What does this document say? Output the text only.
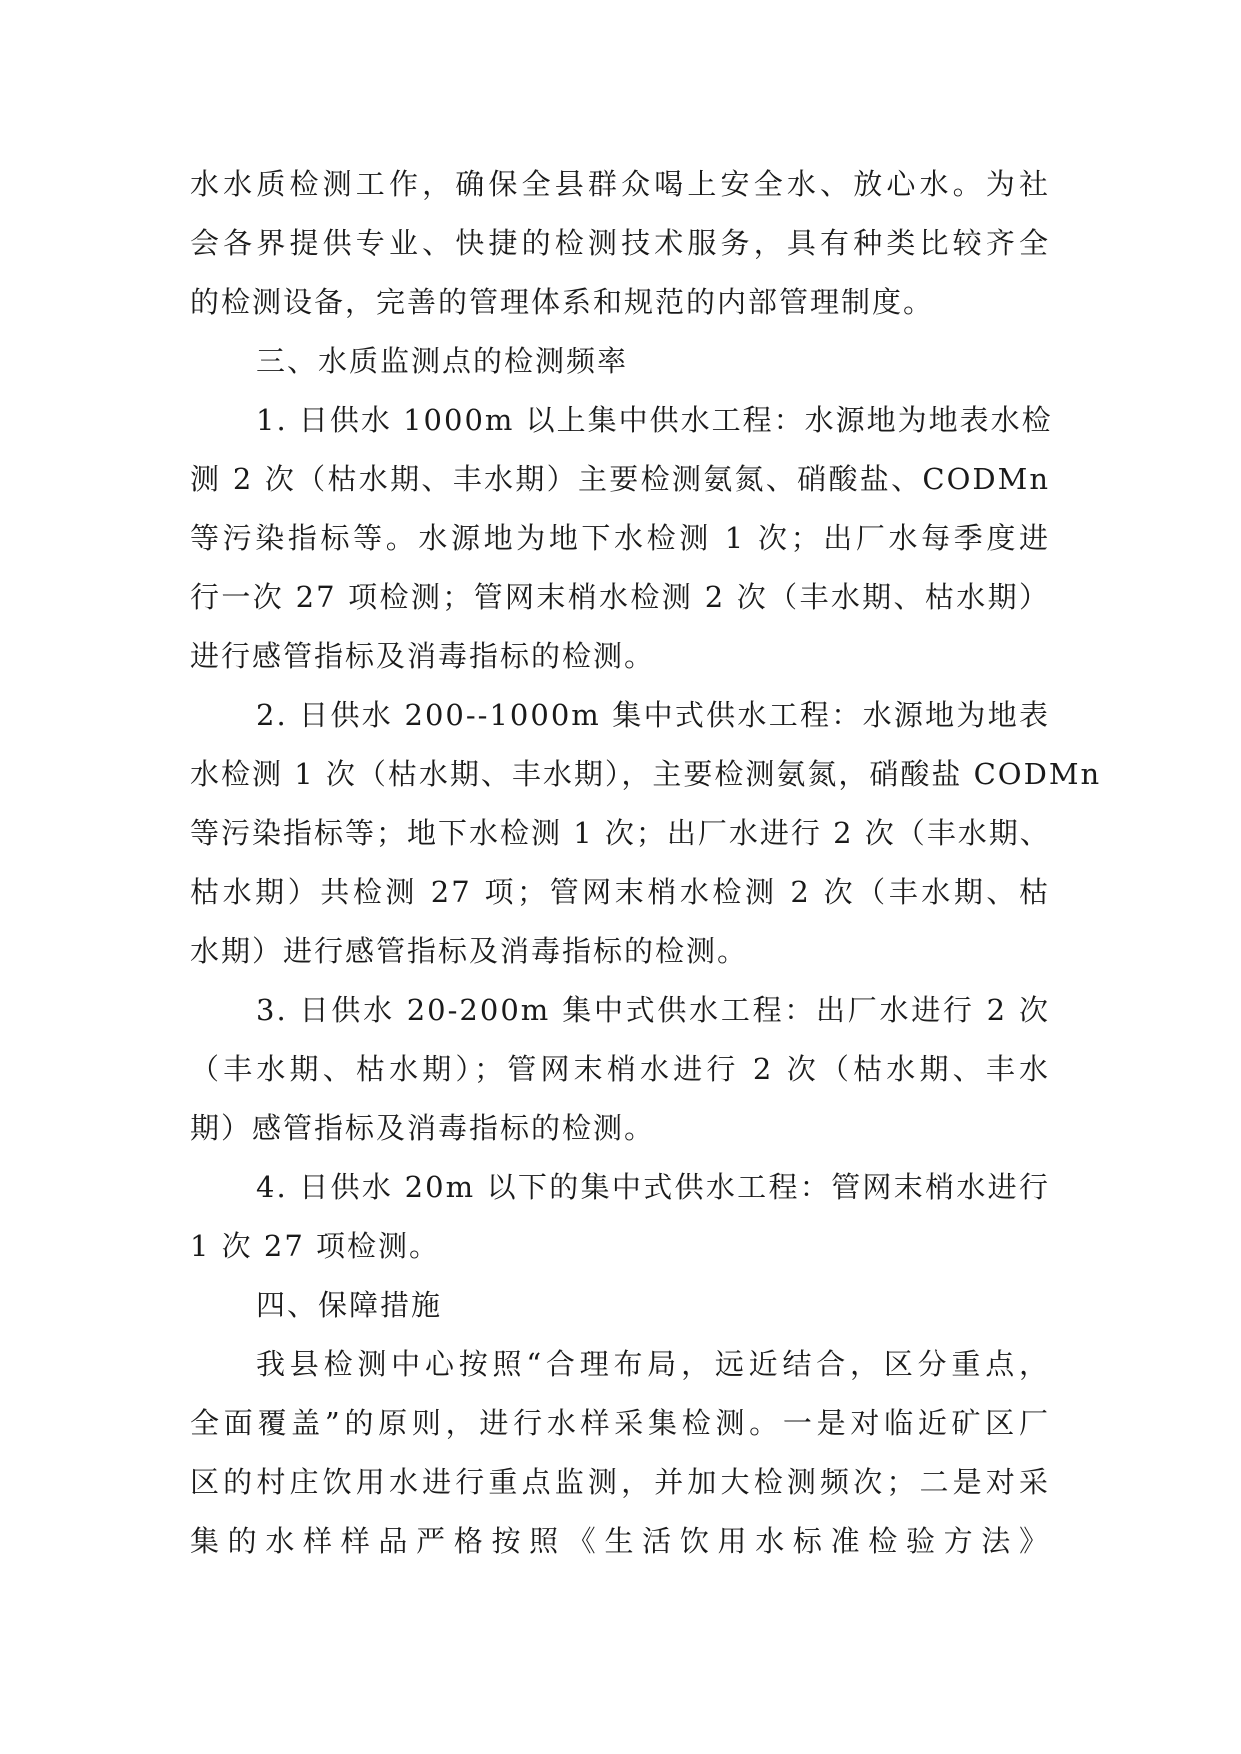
水水质检测工作，确保全县群众喝上安全水、放心水。为社
会各界提供专业、快捷的检测技术服务，具有种类比较齐全
的检测设备，完善的管理体系和规范的内部管理制度。
三、水质监测点的检测频率
1. 日供水 1000m 以上集中供水工程：水源地为地表水检
测 2 次（枯水期、丰水期）主要检测氨氮、硝酸盐、CODMn
等污染指标等。水源地为地下水检测 1 次；出厂水每季度进
行一次 27 项检测；管网末梢水检测 2 次（丰水期、枯水期）
进行感管指标及消毒指标的检测。
2. 日供水 200--1000m 集中式供水工程：水源地为地表
水检测 1 次（枯水期、丰水期），主要检测氨氮，硝酸盐 CODMn
等污染指标等；地下水检测 1 次；出厂水进行 2 次（丰水期、
枯水期）共检测 27 项；管网末梢水检测 2 次（丰水期、枯
水期）进行感管指标及消毒指标的检测。
3. 日供水 20-200m 集中式供水工程：出厂水进行 2 次
（丰水期、枯水期）；管网末梢水进行 2 次（枯水期、丰水
期）感管指标及消毒指标的检测。
4. 日供水 20m 以下的集中式供水工程：管网末梢水进行
1 次 27 项检测。
四、保障措施
我县检测中心按照“合理布局，远近结合，区分重点，
全面覆盖”的原则，进行水样采集检测。一是对临近矿区厂
区的村庄饮用水进行重点监测，并加大检测频次；二是对采
集的水样样品严格按照《生活饮用水标准检验方法》
